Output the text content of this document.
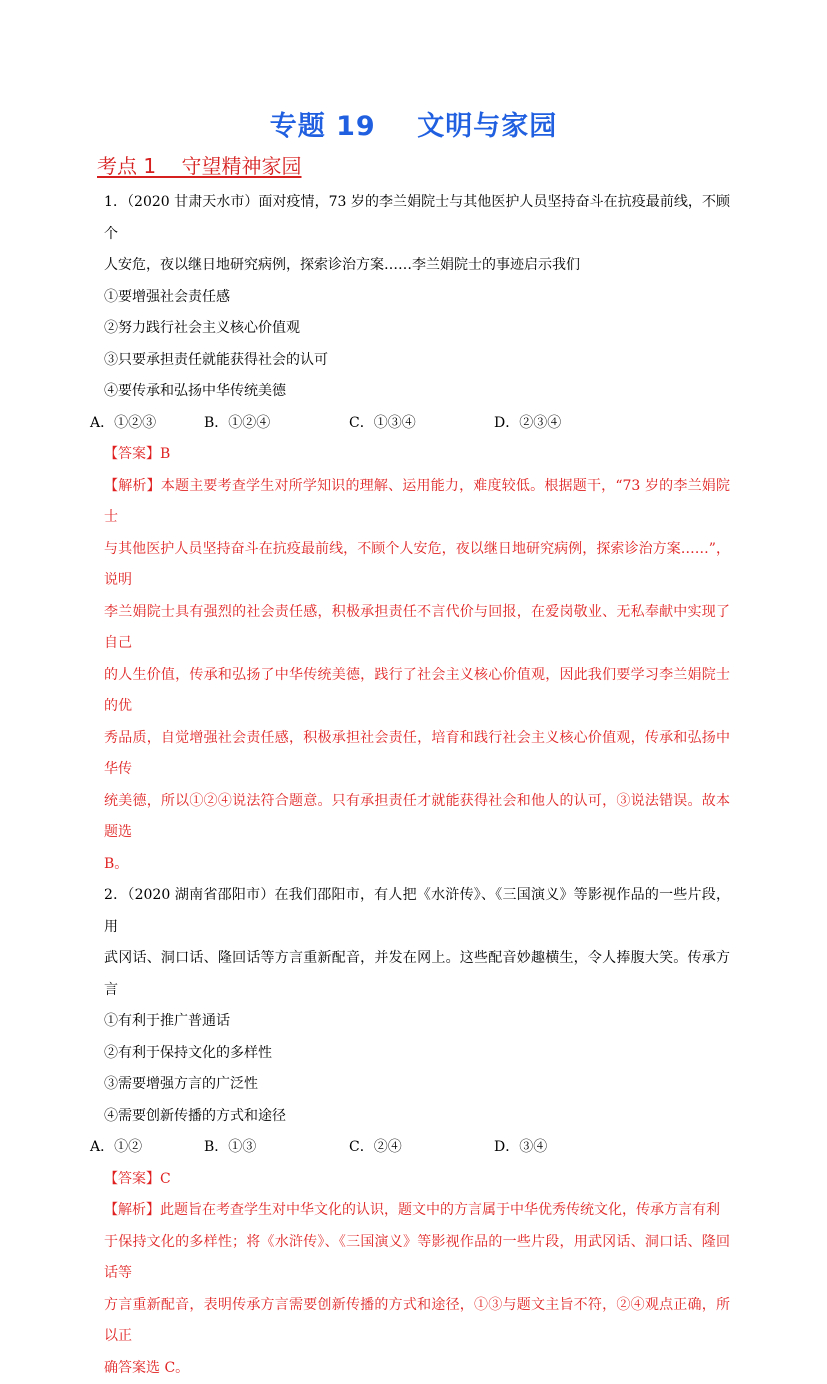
专题 19    文明与家园
考点 1    守望精神家园

1．（2020 甘肃天水市）面对疫情，73 岁的李兰娟院士与其他医护人员坚持奋斗在抗疫最前线，不顾个

人安危，夜以继日地研究病例，探索诊治方案……李兰娟院士的事迹启示我们

①要增强社会责任感

②努力践行社会主义核心价值观

③只要承担责任就能获得社会的认可

④要传承和弘扬中华传统美德

A．①②③	B．①②④	C．①③④	D．②③④

【答案】B

【解析】本题主要考查学生对所学知识的理解、运用能力，难度较低。根据题干，“73 岁的李兰娟院士

与其他医护人员坚持奋斗在抗疫最前线，不顾个人安危，夜以继日地研究病例，探索诊治方案……”，说明

李兰娟院士具有强烈的社会责任感，积极承担责任不言代价与回报，在爱岗敬业、无私奉献中实现了自己

的人生价值，传承和弘扬了中华传统美德，践行了社会主义核心价值观，因此我们要学习李兰娟院士的优

秀品质，自觉增强社会责任感，积极承担社会责任，培育和践行社会主义核心价值观，传承和弘扬中华传

统美德，所以①②④说法符合题意。只有承担责任才就能获得社会和他人的认可，③说法错误。故本题选

B。

2．（2020 湖南省邵阳市）在我们邵阳市，有人把《水浒传》、《三国演义》等影视作品的一些片段，用

武冈话、洞口话、隆回话等方言重新配音，并发在网上。这些配音妙趣横生，令人捧腹大笑。传承方言

①有利于推广普通话

②有利于保持文化的多样性

③需要增强方言的广泛性

④需要创新传播的方式和途径

A．①②	B．①③	C．②④	D．③④

【答案】C

【解析】此题旨在考查学生对中华文化的认识，题文中的方言属于中华优秀传统文化，传承方言有利

于保持文化的多样性；将《水浒传》、《三国演义》等影视作品的一些片段，用武冈话、洞口话、隆回话等

方言重新配音，表明传承方言需要创新传播的方式和途径，①③与题文主旨不符，②④观点正确，所以正

确答案选 C。
